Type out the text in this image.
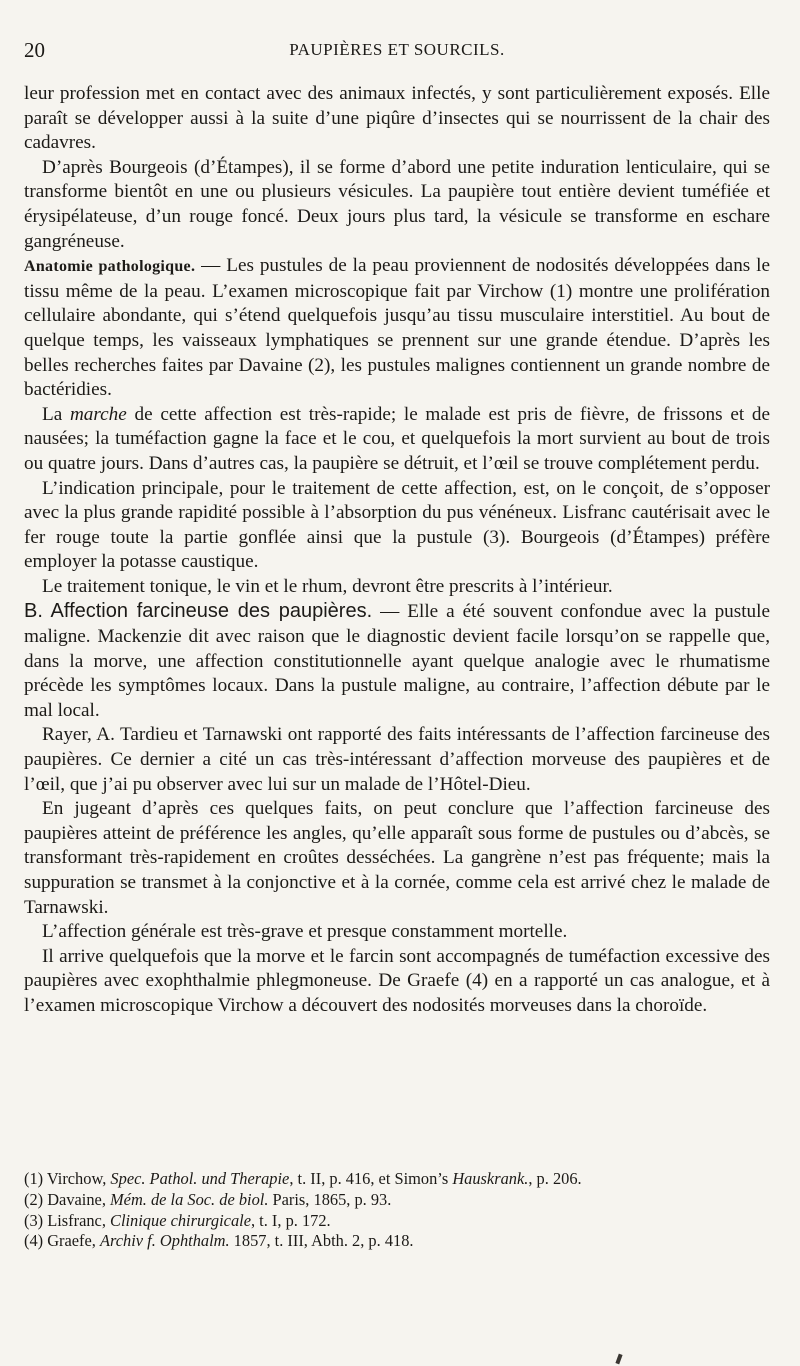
20	PAUPIÈRES ET SOURCILS.

leur profession met en contact avec des animaux infectés, y sont particulièrement exposés. Elle paraît se développer aussi à la suite d’une piqûre d’insectes qui se nourrissent de la chair des cadavres.

D’après Bourgeois (d’Étampes), il se forme d’abord une petite induration lenticulaire, qui se transforme bientôt en une ou plusieurs vésicules. La paupière tout entière devient tuméfiée et érysipélateuse, d’un rouge foncé. Deux jours plus tard, la vésicule se transforme en eschare gangréneuse.

Anatomie pathologique. — Les pustules de la peau proviennent de nodosités développées dans le tissu même de la peau. L’examen microscopique fait par Virchow (1) montre une prolifération cellulaire abondante, qui s’étend quelquefois jusqu’au tissu musculaire interstitiel. Au bout de quelque temps, les vaisseaux lymphatiques se prennent sur une grande étendue. D’après les belles recherches faites par Davaine (2), les pustules malignes contiennent un grande nombre de bactéridies.

La marche de cette affection est très-rapide; le malade est pris de fièvre, de frissons et de nausées; la tuméfaction gagne la face et le cou, et quelquefois la mort survient au bout de trois ou quatre jours. Dans d’autres cas, la paupière se détruit, et l’œil se trouve complétement perdu.

L’indication principale, pour le traitement de cette affection, est, on le conçoit, de s’opposer avec la plus grande rapidité possible à l’absorption du pus vénéneux. Lisfranc cautérisait avec le fer rouge toute la partie gonflée ainsi que la pustule (3). Bourgeois (d’Étampes) préfère employer la potasse caustique.

Le traitement tonique, le vin et le rhum, devront être prescrits à l’intérieur.

B. Affection farcineuse des paupières. — Elle a été souvent confondue avec la pustule maligne. Mackenzie dit avec raison que le diagnostic devient facile lorsqu’on se rappelle que, dans la morve, une affection constitutionnelle ayant quelque analogie avec le rhumatisme précède les symptômes locaux. Dans la pustule maligne, au contraire, l’affection débute par le mal local.

Rayer, A. Tardieu et Tarnawski ont rapporté des faits intéressants de l’affection farcineuse des paupières. Ce dernier a cité un cas très-intéressant d’affection morveuse des paupières et de l’œil, que j’ai pu observer avec lui sur un malade de l’Hôtel-Dieu.

En jugeant d’après ces quelques faits, on peut conclure que l’affection farcineuse des paupières atteint de préférence les angles, qu’elle apparaît sous forme de pustules ou d’abcès, se transformant très-rapidement en croûtes desséchées. La gangrène n’est pas fréquente; mais la suppuration se transmet à la conjonctive et à la cornée, comme cela est arrivé chez le malade de Tarnawski.

L’affection générale est très-grave et presque constamment mortelle.

Il arrive quelquefois que la morve et le farcin sont accompagnés de tuméfaction excessive des paupières avec exophthalmie phlegmoneuse. De Graefe (4) en a rapporté un cas analogue, et à l’examen microscopique Virchow a découvert des nodosités morveuses dans la choroïde.

(1) Virchow, Spec. Pathol. und Therapie, t. II, p. 416, et Simon’s Hauskrank., p. 206.
(2) Davaine, Mém. de la Soc. de biol. Paris, 1865, p. 93.
(3) Lisfranc, Clinique chirurgicale, t. I, p. 172.
(4) Graefe, Archiv f. Ophthalm. 1857, t. III, Abth. 2, p. 418.
